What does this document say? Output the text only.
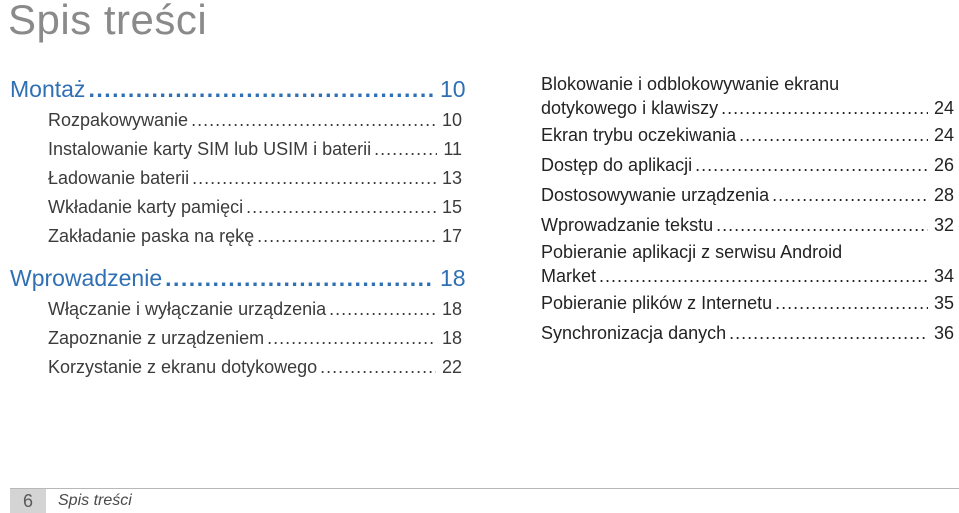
Spis treści
Montaż .....	10
Rozpakowywanie .....	10
Instalowanie karty SIM lub USIM i baterii .....	11
Ładowanie baterii .....	13
Wkładanie karty pamięci .....	15
Zakładanie paska na rękę .....	17
Wprowadzenie .....	18
Włączanie i wyłączanie urządzenia .....	18
Zapoznanie z urządzeniem .....	18
Korzystanie z ekranu dotykowego .....	22
Blokowanie i odblokowywanie ekranu
dotykowego i klawiszy .....	24
Ekran trybu oczekiwania .....	24
Dostęp do aplikacji .....	26
Dostosowywanie urządzenia .....	28
Wprowadzanie tekstu .....	32
Pobieranie aplikacji z serwisu Android
Market .....	34
Pobieranie plików z Internetu .....	35
Synchronizacja danych .....	36
6	Spis treści
